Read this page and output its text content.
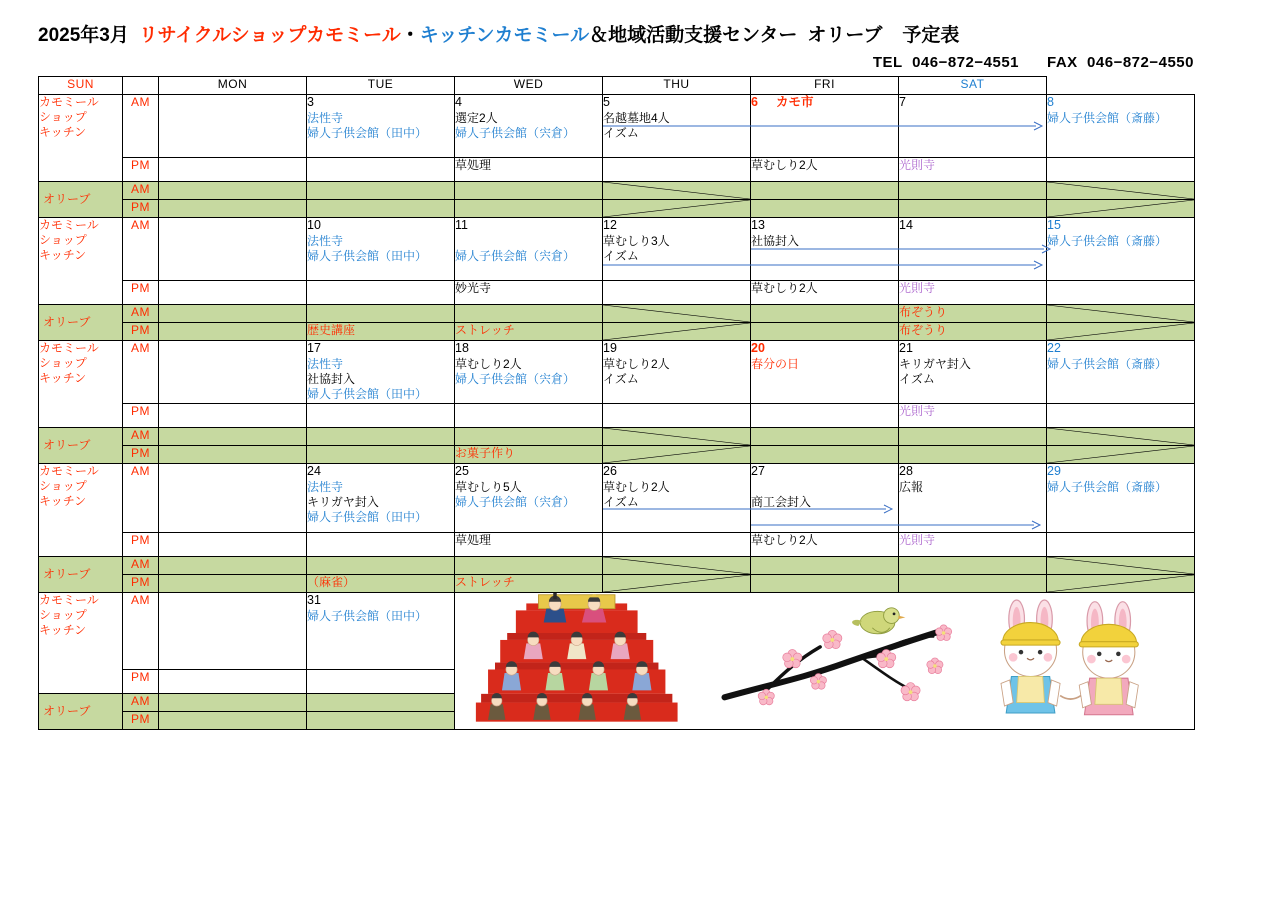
2025年3月 リサイクルショップカモミール・キッチンカモミール＆地域活動支援センター オリーブ 予定表
TEL 046−872−4551 FAX 046−872−4550
SUN		MON	TUE	WED	THU	FRI	SAT	
カモミール
ショップ
キッチン	AM		3
法性寺
婦人子供会館（田中）	4
選定2人
婦人子供会館（宍倉）	5
名越墓地4人
イズム	6 カモ市	7	8
婦人子供会館（斎藤）

	PM			草処理		草むしり2人	光則寺	

オリーブ	AM				

	PM				

カモミール
ショップ
キッチン	AM		10
法性寺
婦人子供会館（田中）	11

婦人子供会館（宍倉）	12
草むしり3人
イズム	13
社協封入	14	15
婦人子供会館（斎藤）

	PM			妙光寺		草むしり2人	光則寺	

オリーブ	AM						布ぞうり

	PM		歴史講座	ストレッチ			布ぞうり

カモミール
ショップ
キッチン	AM		17
法性寺
社協封入
婦人子供会館（田中）	18
草むしり2人
婦人子供会館（宍倉）	19
草むしり2人
イズム	20
春分の日	21
キリガヤ封入
イズム	22
婦人子供会館（斎藤）

	PM						光則寺	

オリーブ	AM				

	PM			お菓子作り

カモミール
ショップ
キッチン	AM		24
法性寺
キリガヤ封入
婦人子供会館（田中）	25
草むしり5人
婦人子供会館（宍倉）	26
草むしり2人
イズム	27

商工会封入	28
広報	29
婦人子供会館（斎藤）

	PM			草処理		草むしり2人	光則寺	

オリーブ	AM				

	PM		（麻雀）	ストレッチ

カモミール
ショップ
キッチン	AM		31
婦人子供会館（田中）

	PM							
オリーブ	AM							
	PM							
